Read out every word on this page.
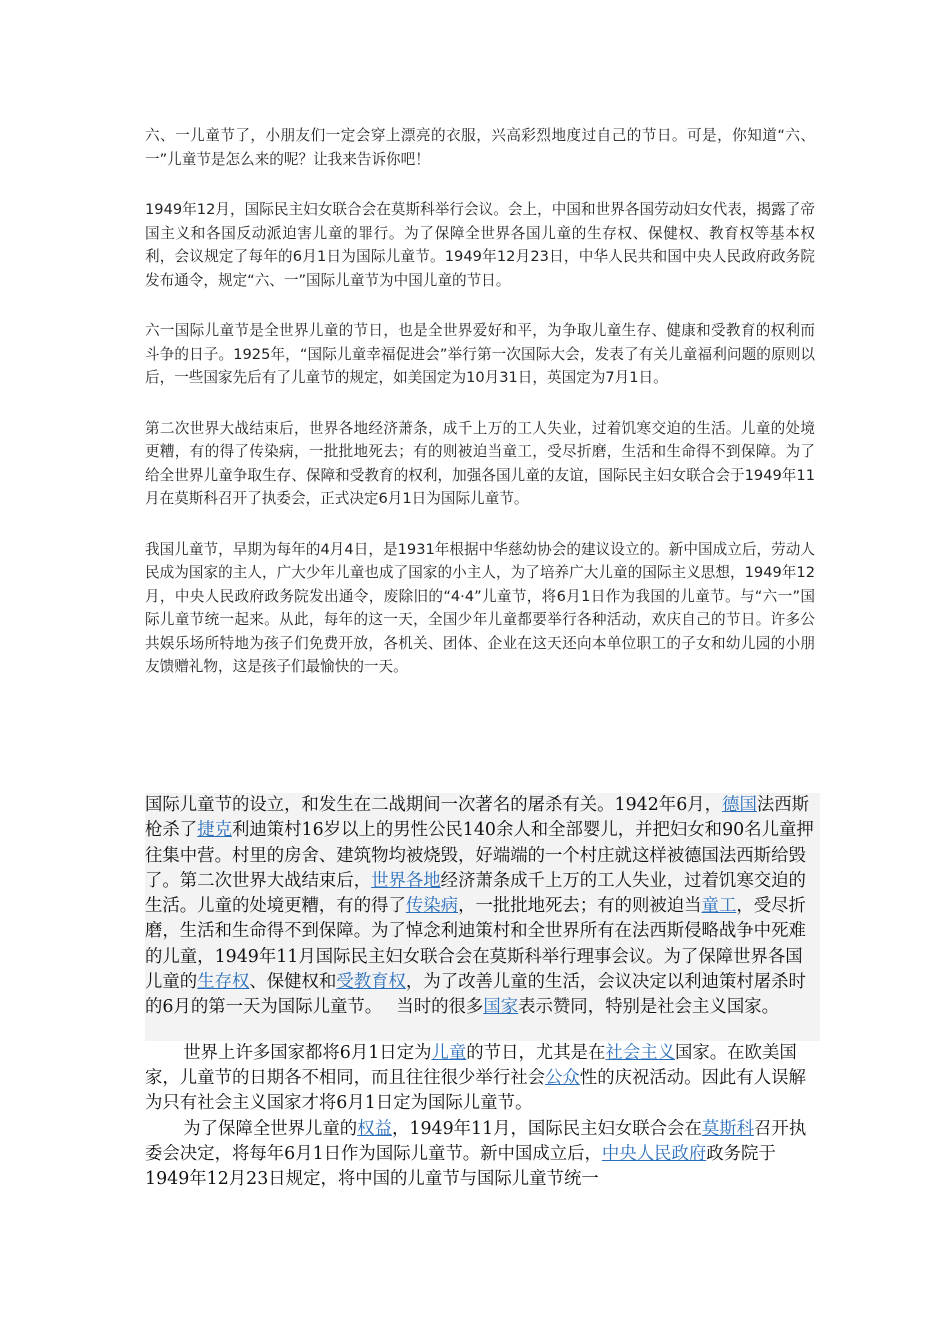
六、一儿童节了，小朋友们一定会穿上漂亮的衣服，兴高彩烈地度过自己的节日。可是，你知道“六、一”儿童节是怎么来的呢？让我来告诉你吧！

1949年12月，国际民主妇女联合会在莫斯科举行会议。会上，中国和世界各国劳动妇女代表，揭露了帝国主义和各国反动派迫害儿童的罪行。为了保障全世界各国儿童的生存权、保健权、教育权等基本权利，会议规定了每年的6月1日为国际儿童节。1949年12月23日，中华人民共和国中央人民政府政务院发布通令，规定“六、一”国际儿童节为中国儿童的节日。

六一国际儿童节是全世界儿童的节日，也是全世界爱好和平，为争取儿童生存、健康和受教育的权利而斗争的日子。1925年，“国际儿童幸福促进会”举行第一次国际大会，发表了有关儿童福利问题的原则以后，一些国家先后有了儿童节的规定，如美国定为10月31日，英国定为7月1日。

第二次世界大战结束后，世界各地经济萧条，成千上万的工人失业，过着饥寒交迫的生活。儿童的处境更糟，有的得了传染病，一批批地死去；有的则被迫当童工，受尽折磨，生活和生命得不到保障。为了给全世界儿童争取生存、保障和受教育的权利，加强各国儿童的友谊，国际民主妇女联合会于1949年11月在莫斯科召开了执委会，正式决定6月1日为国际儿童节。

我国儿童节，早期为每年的4月4日，是1931年根据中华慈幼协会的建议设立的。新中国成立后，劳动人民成为国家的主人，广大少年儿童也成了国家的小主人，为了培养广大儿童的国际主义思想，1949年12月，中央人民政府政务院发出通令，废除旧的“4·4”儿童节，将6月1日作为我国的儿童节。与“六一”国际儿童节统一起来。从此，每年的这一天，全国少年儿童都要举行各种活动，欢庆自己的节日。许多公共娱乐场所特地为孩子们免费开放，各机关、团体、企业在这天还向本单位职工的子女和幼儿园的小朋友馈赠礼物，这是孩子们最愉快的一天。

国际儿童节的设立，和发生在二战期间一次著名的屠杀有关。1942年6月，德国法西斯枪杀了捷克利迪策村16岁以上的男性公民140余人和全部婴儿，并把妇女和90名儿童押往集中营。村里的房舍、建筑物均被烧毁，好端端的一个村庄就这样被德国法西斯给毁了。第二次世界大战结束后，世界各地经济萧条成千上万的工人失业，过着饥寒交迫的生活。儿童的处境更糟，有的得了传染病，一批批地死去；有的则被迫当童工，受尽折磨，生活和生命得不到保障。为了悼念利迪策村和全世界所有在法西斯侵略战争中死难的儿童，1949年11月国际民主妇女联合会在莫斯科举行理事会议。为了保障世界各国儿童的生存权、保健权和受教育权，为了改善儿童的生活，会议决定以利迪策村屠杀时的6月的第一天为国际儿童节。　 当时的很多国家表示赞同，特别是社会主义国家。

世界上许多国家都将6月1日定为儿童的节日，尤其是在社会主义国家。在欧美国家，儿童节的日期各不相同，而且往往很少举行社会公众性的庆祝活动。因此有人误解为只有社会主义国家才将6月1日定为国际儿童节。

为了保障全世界儿童的权益，1949年11月，国际民主妇女联合会在莫斯科召开执委会决定，将每年6月1日作为国际儿童节。新中国成立后，中央人民政府政务院于1949年12月23日规定，将中国的儿童节与国际儿童节统一
